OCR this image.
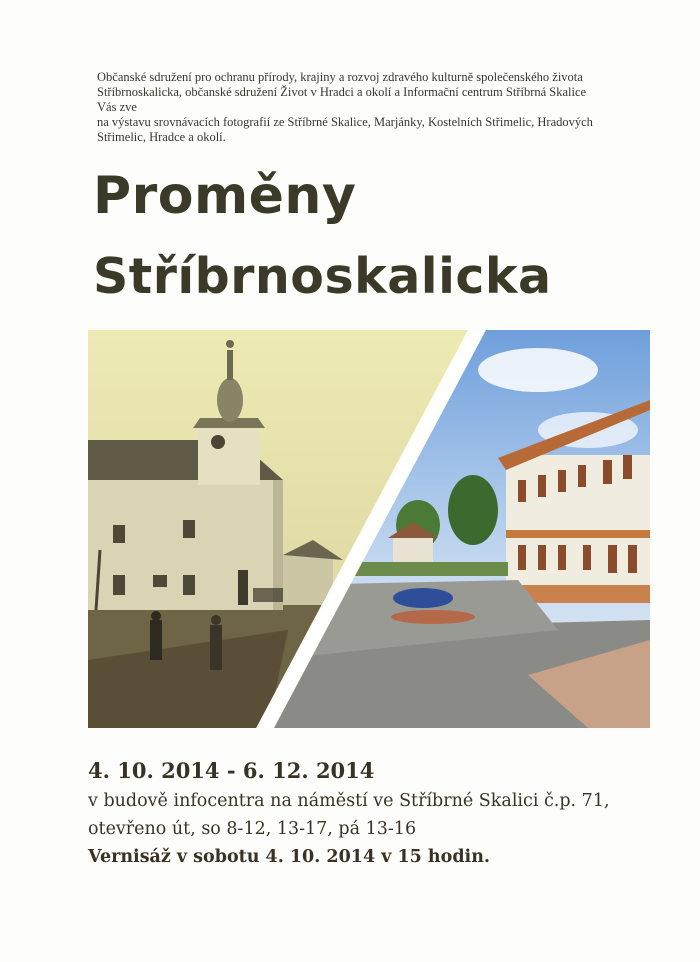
Občanské sdružení pro ochranu přírody, krajiny a rozvoj zdravého kulturně společenského života
Stříbrnoskalicka, občanské sdružení Život v Hradci a okolí a Informační centrum Stříbrná Skalice
Vás zve
na výstavu srovnávacích fotografií ze Stříbrné Skalice, Marjánky, Kostelních Střimelic, Hradových
Střimelic, Hradce a okolí.
Proměny
Stříbrnoskalicka
4. 10. 2014 - 6. 12. 2014
v budově infocentra na náměstí ve Stříbrné Skalici č.p. 71,
otevřeno út, so 8-12, 13-17, pá 13-16
Vernisáž v sobotu 4. 10. 2014 v 15 hodin.
